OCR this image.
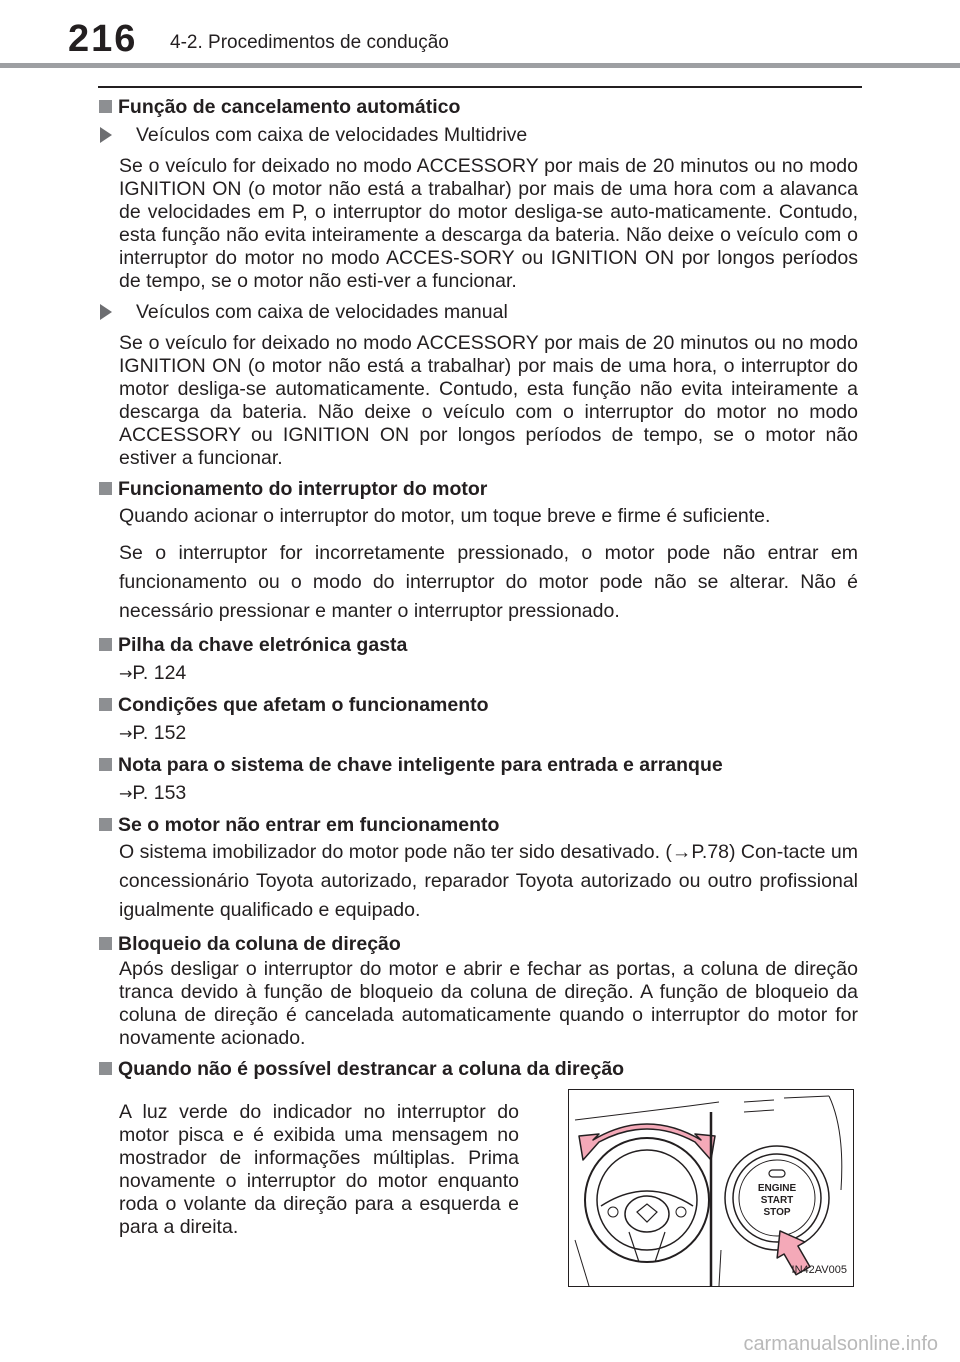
216 4-2. Procedimentos de condução
Função de cancelamento automático
Veículos com caixa de velocidades Multidrive

Se o veículo for deixado no modo ACCESSORY por mais de 20 minutos ou no modo IGNITION ON (o motor não está a trabalhar) por mais de uma hora com a alavanca de velocidades em P, o interruptor do motor desliga-se auto-maticamente. Contudo, esta função não evita inteiramente a descarga da bateria. Não deixe o veículo com o interruptor do motor no modo ACCES-SORY ou IGNITION ON por longos períodos de tempo, se o motor não esti-ver a funcionar.

Veículos com caixa de velocidades manual

Se o veículo for deixado no modo ACCESSORY por mais de 20 minutos ou no modo IGNITION ON (o motor não está a trabalhar) por mais de uma hora, o interruptor do motor desliga-se automaticamente. Contudo, esta função não evita inteiramente a descarga da bateria. Não deixe o veículo com o interruptor do motor no modo ACCESSORY ou IGNITION ON por longos períodos de tempo, se o motor não estiver a funcionar.

Funcionamento do interruptor do motor

Quando acionar o interruptor do motor, um toque breve e firme é suficiente.

Se o interruptor for incorretamente pressionado, o motor pode não entrar em funcionamento ou o modo do interruptor do motor pode não se alterar. Não é necessário pressionar e manter o interruptor pressionado.

Pilha da chave eletrónica gasta

→P. 124

Condições que afetam o funcionamento

→P. 152

Nota para o sistema de chave inteligente para entrada e arranque

→P. 153

Se o motor não entrar em funcionamento

O sistema imobilizador do motor pode não ter sido desativado. (→P.78) Con-tacte um concessionário Toyota autorizado, reparador Toyota autorizado ou outro profissional igualmente qualificado e equipado.

Bloqueio da coluna de direção

Após desligar o interruptor do motor e abrir e fechar as portas, a coluna de direção tranca devido à função de bloqueio da coluna de direção. A função de bloqueio da coluna de direção é cancelada automaticamente quando o interruptor do motor for novamente acionado.

Quando não é possível destrancar a coluna da direção

A luz verde do indicador no interruptor do motor pisca e é exibida uma mensagem no mostrador de informações múltiplas. Prima novamente o interruptor do motor enquanto roda o volante da direção para a esquerda e para a direita.

ENGINE
START
STOP
IN42AV005
carmanualsonline.info
